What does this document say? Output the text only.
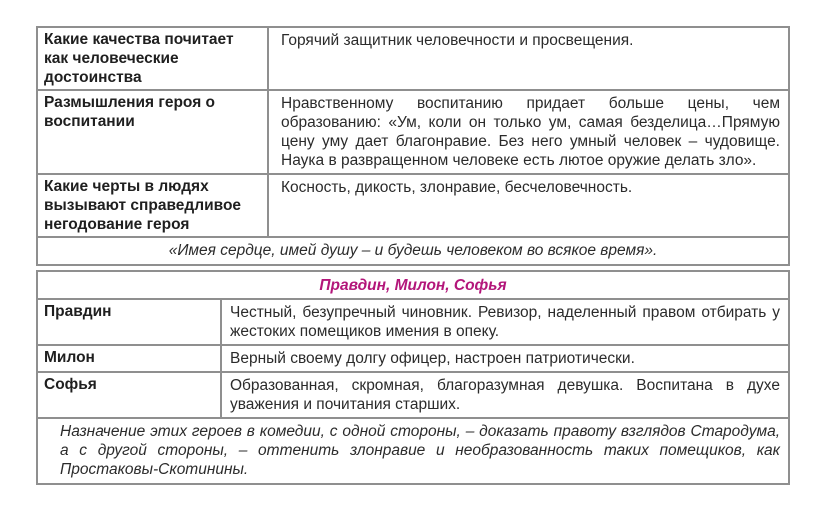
Какие качества почитает как человеческие достоинства	Горячий защитник человечности и просвещения.
Размышления героя о воспитании	Нравственному воспитанию придает больше цены, чем образованию: «Ум, коли он только ум, самая безделица…Прямую цену уму дает благонравие. Без него умный человек – чудовище. Наука в развращенном человеке есть лютое оружие делать зло».
Какие черты в людях вызывают справедливое негодование героя	Косность, дикость, злонравие, бесчеловечность.
«Имея сердце, имей душу – и будешь человеком во всякое время».	
Правдин, Милон, Софья	
Правдин	Честный, безупречный чиновник. Ревизор, наделенный правом отбирать у жестоких помещиков имения в опеку.
Милон	Верный своему долгу офицер, настроен патриотически.
Софья	Образованная, скромная, благоразумная девушка. Воспитана в духе уважения и почитания старших.
Назначение этих героев в комедии, с одной стороны, – доказать правоту взглядов Стародума, а с другой стороны, – оттенить злонравие и необразованность таких помещиков, как Простаковы-Скотинины.	
